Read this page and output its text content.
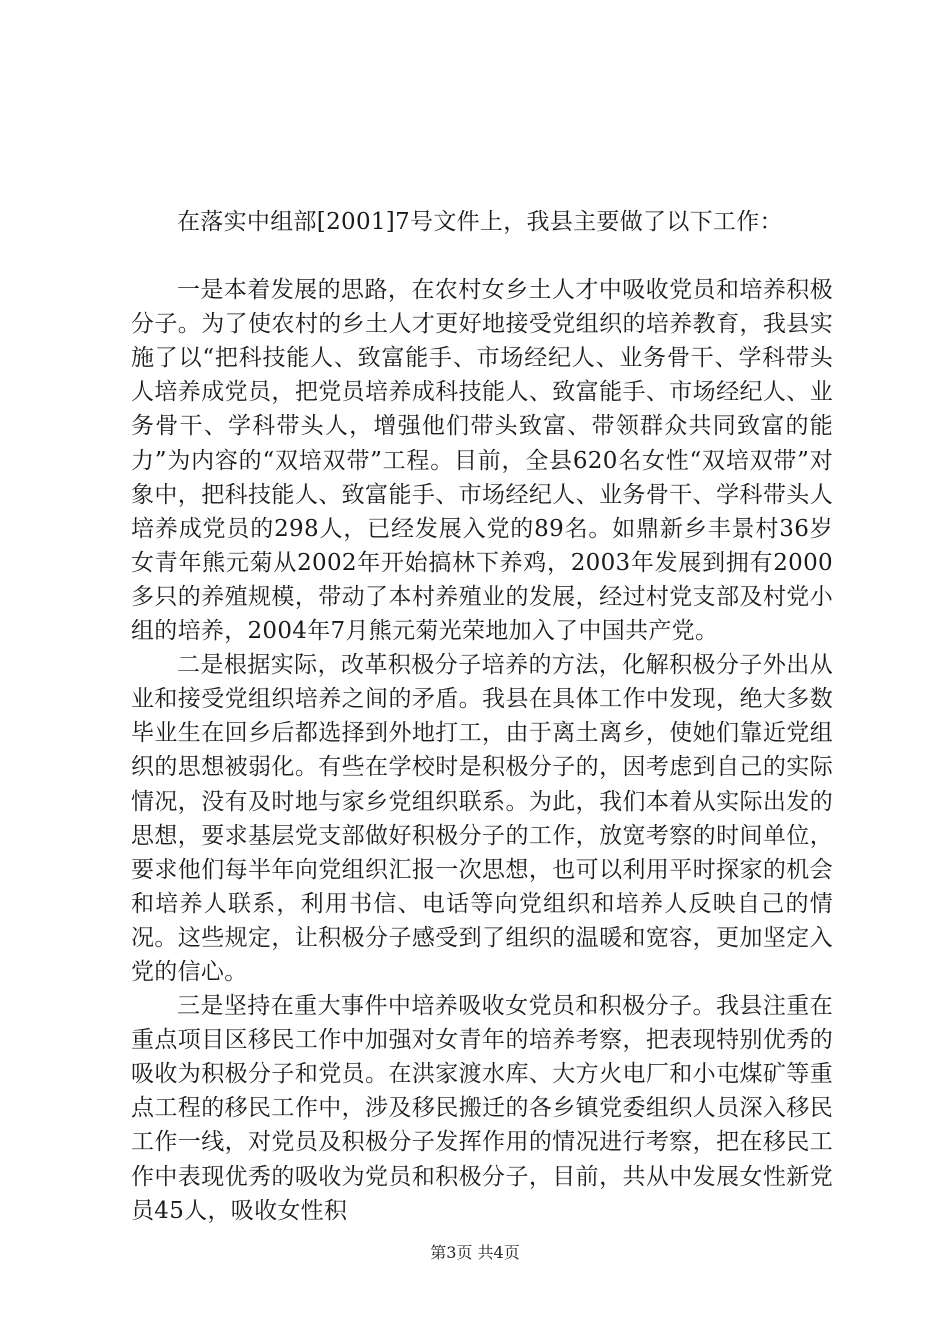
在落实中组部[2001]7号文件上，我县主要做了以下工作：

一是本着发展的思路，在农村女乡土人才中吸收党员和培养积极分子。为了使农村的乡土人才更好地接受党组织的培养教育，我县实施了以“把科技能人、致富能手、市场经纪人、业务骨干、学科带头人培养成党员，把党员培养成科技能人、致富能手、市场经纪人、业务骨干、学科带头人，增强他们带头致富、带领群众共同致富的能力”为内容的“双培双带”工程。目前，全县620名女性“双培双带”对象中，把科技能人、致富能手、市场经纪人、业务骨干、学科带头人培养成党员的298人，已经发展入党的89名。如鼎新乡丰景村36岁女青年熊元菊从2002年开始搞林下养鸡，2003年发展到拥有2000多只的养殖规模，带动了本村养殖业的发展，经过村党支部及村党小组的培养，2004年7月熊元菊光荣地加入了中国共产党。

二是根据实际，改革积极分子培养的方法，化解积极分子外出从业和接受党组织培养之间的矛盾。我县在具体工作中发现，绝大多数毕业生在回乡后都选择到外地打工，由于离土离乡，使她们靠近党组织的思想被弱化。有些在学校时是积极分子的，因考虑到自己的实际情况，没有及时地与家乡党组织联系。为此，我们本着从实际出发的思想，要求基层党支部做好积极分子的工作，放宽考察的时间单位，要求他们每半年向党组织汇报一次思想，也可以利用平时探家的机会和培养人联系，利用书信、电话等向党组织和培养人反映自己的情况。这些规定，让积极分子感受到了组织的温暖和宽容，更加坚定入党的信心。

三是坚持在重大事件中培养吸收女党员和积极分子。我县注重在重点项目区移民工作中加强对女青年的培养考察，把表现特别优秀的吸收为积极分子和党员。在洪家渡水库、大方火电厂和小屯煤矿等重点工程的移民工作中，涉及移民搬迁的各乡镇党委组织人员深入移民工作一线，对党员及积极分子发挥作用的情况进行考察，把在移民工作中表现优秀的吸收为党员和积极分子，目前，共从中发展女性新党员45人，吸收女性积

第3页 共4页
